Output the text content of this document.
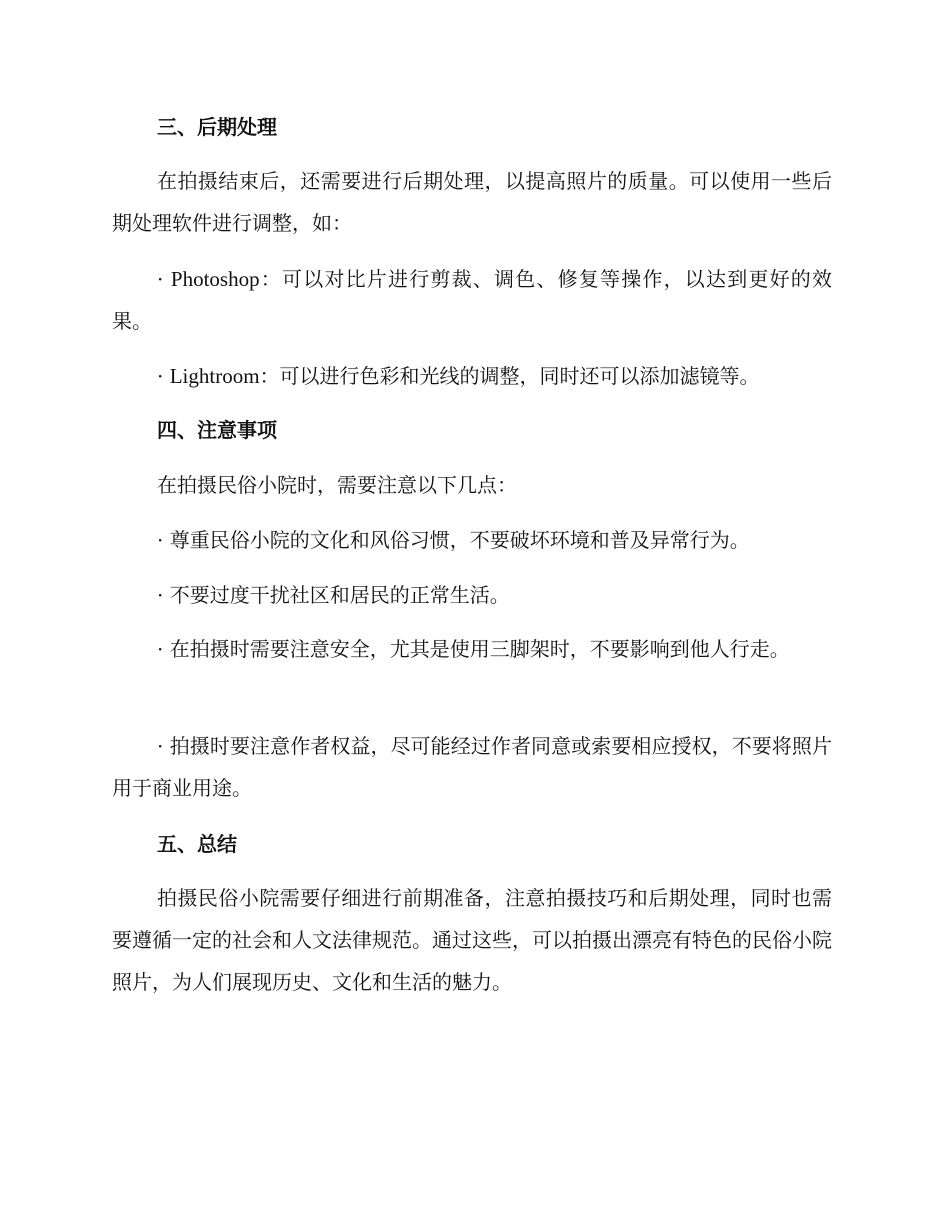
三、后期处理
在拍摄结束后，还需要进行后期处理，以提高照片的质量。可以使用一些后期处理软件进行调整，如：
· Photoshop：可以对比片进行剪裁、调色、修复等操作，以达到更好的效果。
· Lightroom：可以进行色彩和光线的调整，同时还可以添加滤镜等。
四、注意事项
在拍摄民俗小院时，需要注意以下几点：
· 尊重民俗小院的文化和风俗习惯，不要破坏环境和普及异常行为。
· 不要过度干扰社区和居民的正常生活。
· 在拍摄时需要注意安全，尤其是使用三脚架时，不要影响到他人行走。
· 拍摄时要注意作者权益，尽可能经过作者同意或索要相应授权，不要将照片用于商业用途。
五、总结
拍摄民俗小院需要仔细进行前期准备，注意拍摄技巧和后期处理，同时也需要遵循一定的社会和人文法律规范。通过这些，可以拍摄出漂亮有特色的民俗小院照片，为人们展现历史、文化和生活的魅力。
